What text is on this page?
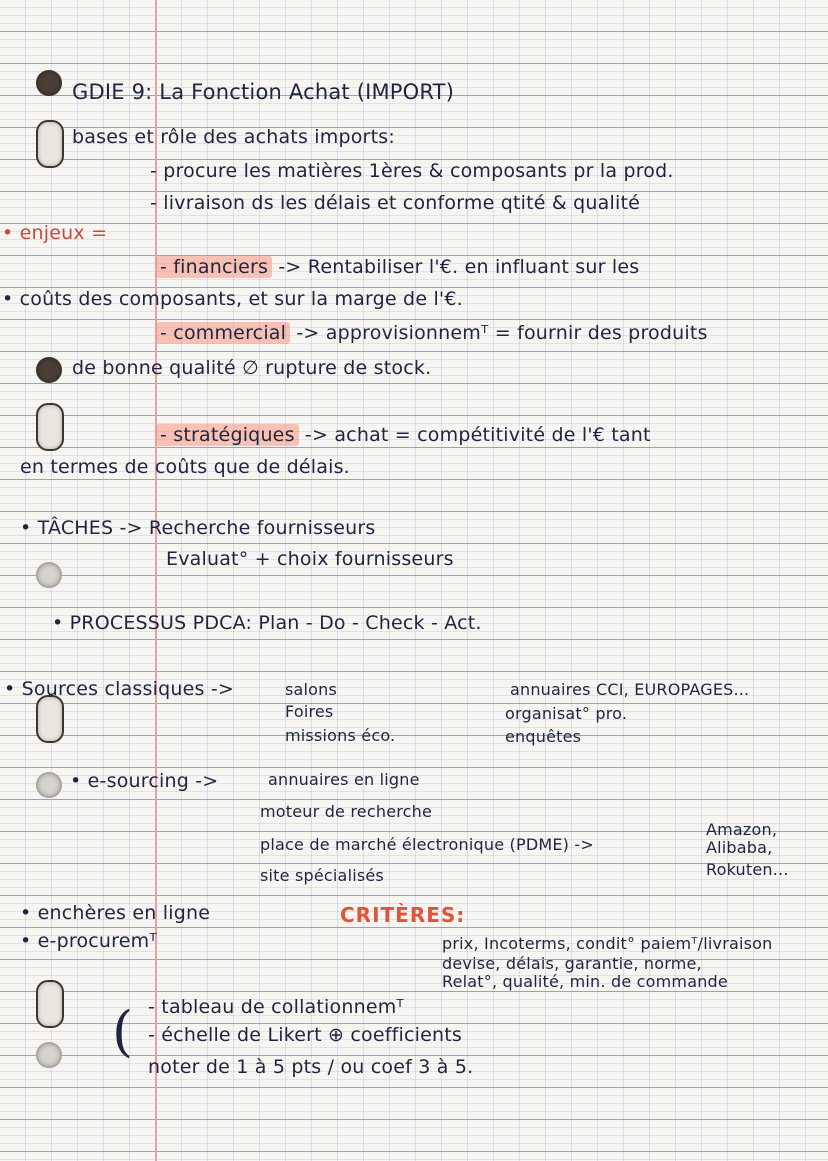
GDIE 9: La Fonction Achat (IMPORT)
bases et rôle des achats imports:
- procure les matières 1ères & composants pr la prod.
- livraison ds les délais et conforme qtité & qualité
• enjeux =
- financiers -> Rentabiliser l'€. en influant sur les
• coûts des composants, et sur la marge de l'€.
- commercial -> approvisionnemᵀ = fournir des produits
de bonne qualité ∅ rupture de stock.
- stratégiques -> achat = compétitivité de l'€ tant
en termes de coûts que de délais.
• TÂCHES -> Recherche fournisseurs
Evaluat° + choix fournisseurs
• PROCESSUS PDCA: Plan - Do - Check - Act.
• Sources classiques ->	salons
Foires
missions éco.
annuaires CCI, EUROPAGES...
organisat° pro.
enquêtes
• e-sourcing ->	annuaires en ligne
moteur de recherche
place de marché électronique (PDME) ->
site spécialisés
Amazon,
Alibaba,
Rokuten...
• enchères en ligne
• e-procuremᵀ
CRITÈRES:
prix, Incoterms, condit° paiemᵀ/livraison
devise, délais, garantie, norme,
Relat°, qualité, min. de commande
( - tableau de collationnemᵀ
- échelle de Likert ⊕ coefficients
noter de 1 à 5 pts / ou coef 3 à 5.
